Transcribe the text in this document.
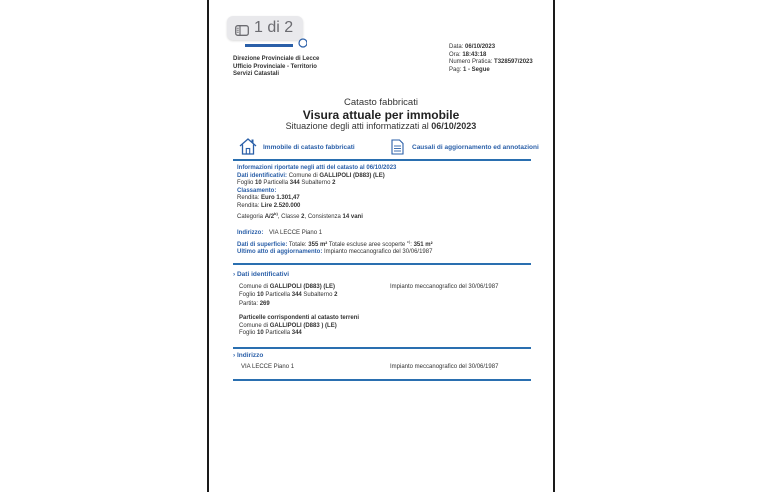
1 di 2
Direzione Provinciale di Lecce
Ufficio Provinciale - Territorio
Servizi Catastali
Data: 06/10/2023
Ora: 18:43:18
Numero Pratica: T328597/2023
Pag: 1 - Segue
Catasto fabbricati
Visura attuale per immobile
Situazione degli atti informatizzati al 06/10/2023
Immobile di catasto fabbricati	Causali di aggiornamento ed annotazioni
Informazioni riportate negli atti del catasto al 06/10/2023
Dati identificativi: Comune di GALLIPOLI (D883) (LE)
Foglio 10 Particella 344 Subalterno 2
Classamento:
Rendita: Euro 1.301,47
Rendita: Lire 2.520.000
Categoria A/2$^{b)}$, Classe 2, Consistenza 14 vani
Indirizzo: VIA LECCE Piano 1
Dati di superficie: Totale: 355 m² Totale escluse aree scoperte $^{c)}$: 351 m²
Ultimo atto di aggiornamento: Impianto meccanografico del 30/06/1987
› Dati identificativi
Comune di GALLIPOLI (D883) (LE)
Foglio 10 Particella 344 Subalterno 2
Partita: 269
Impianto meccanografico del 30/06/1987
Particelle corrispondenti al catasto terreni
Comune di GALLIPOLI (D883 ) (LE)
Foglio 10 Particella 344
› Indirizzo
VIA LECCE Piano 1	Impianto meccanografico del 30/06/1987
